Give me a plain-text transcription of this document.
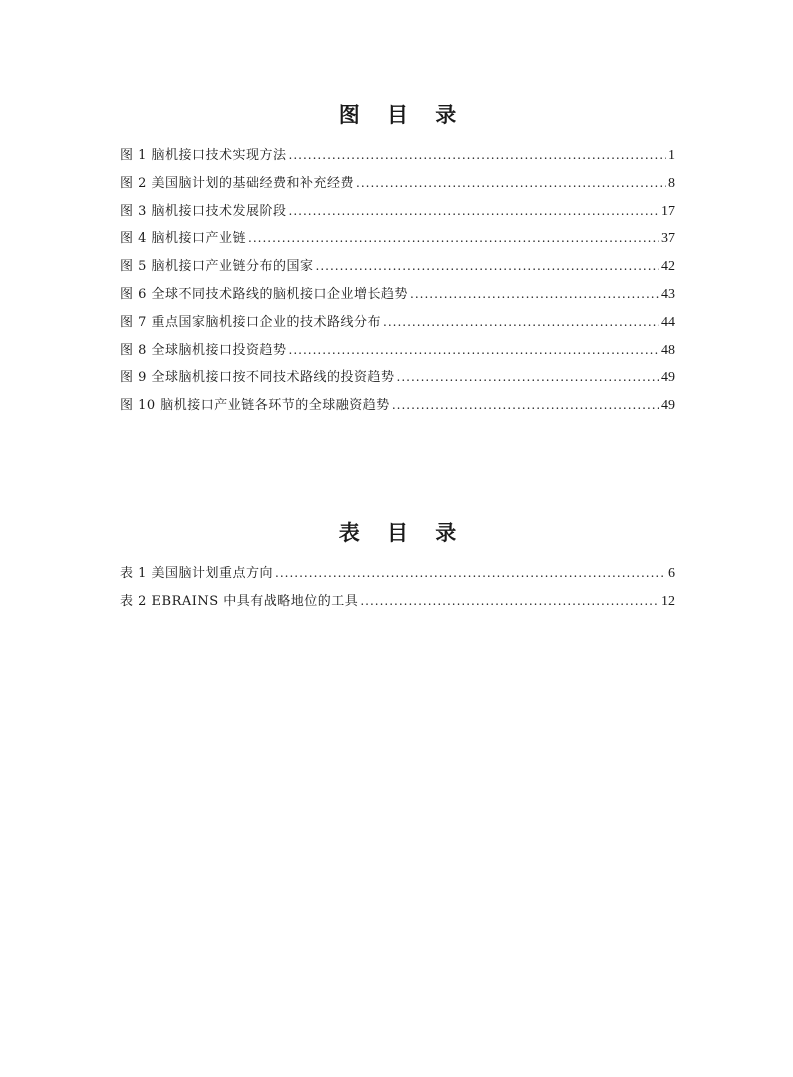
图 目 录
图 1 脑机接口技术实现方法 .....	1
图 2 美国脑计划的基础经费和补充经费 .....	8
图 3 脑机接口技术发展阶段 .....	17
图 4 脑机接口产业链 .....	37
图 5 脑机接口产业链分布的国家 .....	42
图 6 全球不同技术路线的脑机接口企业增长趋势 .....	43
图 7 重点国家脑机接口企业的技术路线分布 .....	44
图 8 全球脑机接口投资趋势 .....	48
图 9 全球脑机接口按不同技术路线的投资趋势 .....	49
图 10 脑机接口产业链各环节的全球融资趋势 .....	49
表 目 录
表 1 美国脑计划重点方向 .....	6
表 2 EBRAINS 中具有战略地位的工具 .....	12
